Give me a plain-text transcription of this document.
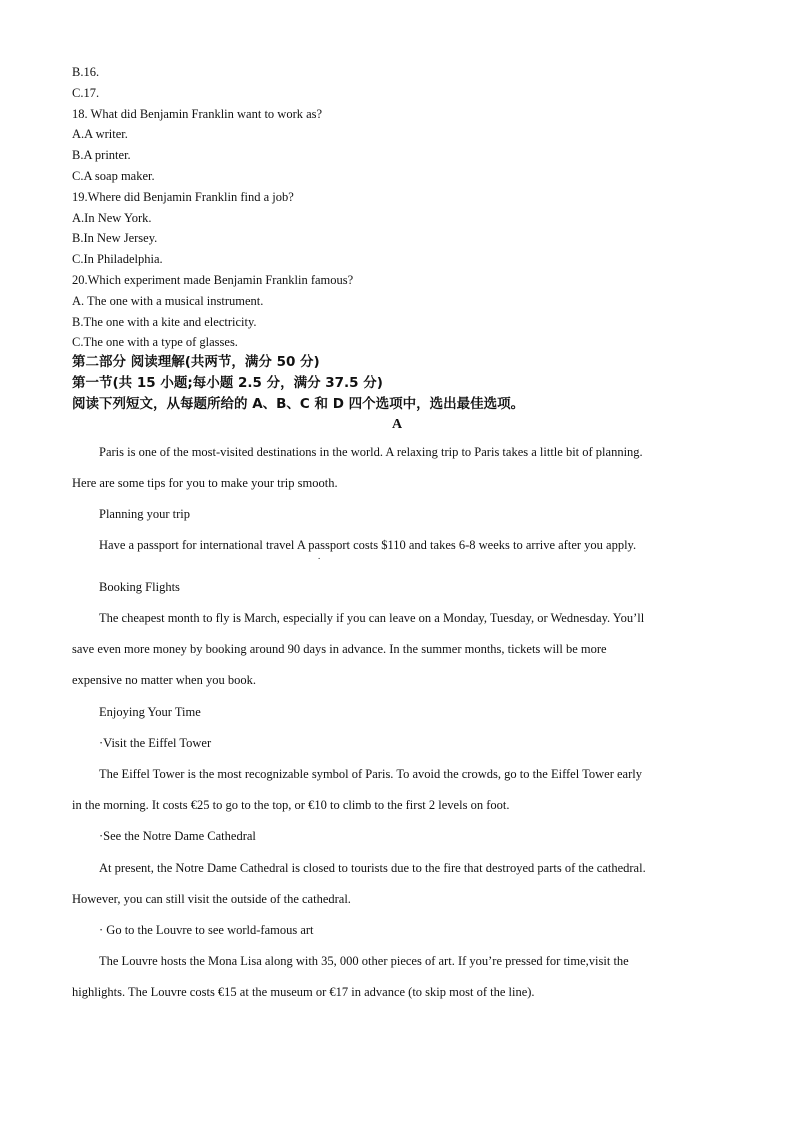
B.16.
C.17.
18. What did Benjamin Franklin want to work as?
A.A writer.
B.A printer.
C.A soap maker.
19.Where did Benjamin Franklin find a job?
A.In New York.
B.In New Jersey.
C.In Philadelphia.
20.Which experiment made Benjamin Franklin famous?
A. The one with a musical instrument.
B.The one with a kite and electricity.
C.The one with a type of glasses.
第二部分 阅读理解(共两节，满分 50 分)
第一节(共 15 小题;每小题 2.5 分，满分 37.5 分)
阅读下列短文，从每题所给的 A、B、C 和 D 四个选项中，选出最佳选项。
A
Paris is one of the most-visited destinations in the world. A relaxing trip to Paris takes a little bit of planning.
Here are some tips for you to make your trip smooth.
Planning your trip
Have a passport for international travel A passport costs $110 and takes 6-8 weeks to arrive after you apply.
.
Booking Flights
The cheapest month to fly is March, especially if you can leave on a Monday, Tuesday, or Wednesday. You’ll
save even more money by booking around 90 days in advance. In the summer months, tickets will be more
expensive no matter when you book.
Enjoying Your Time
·Visit the Eiffel Tower
The Eiffel Tower is the most recognizable symbol of Paris. To avoid the crowds, go to the Eiffel Tower early
in the morning. It costs €25 to go to the top, or €10 to climb to the first 2 levels on foot.
·See the Notre Dame Cathedral
At present, the Notre Dame Cathedral is closed to tourists due to the fire that destroyed parts of the cathedral.
However, you can still visit the outside of the cathedral.
· Go to the Louvre to see world-famous art
The Louvre hosts the Mona Lisa along with 35, 000 other pieces of art. If you’re pressed for time,visit the
highlights. The Louvre costs €15 at the museum or €17 in advance (to skip most of the line).
